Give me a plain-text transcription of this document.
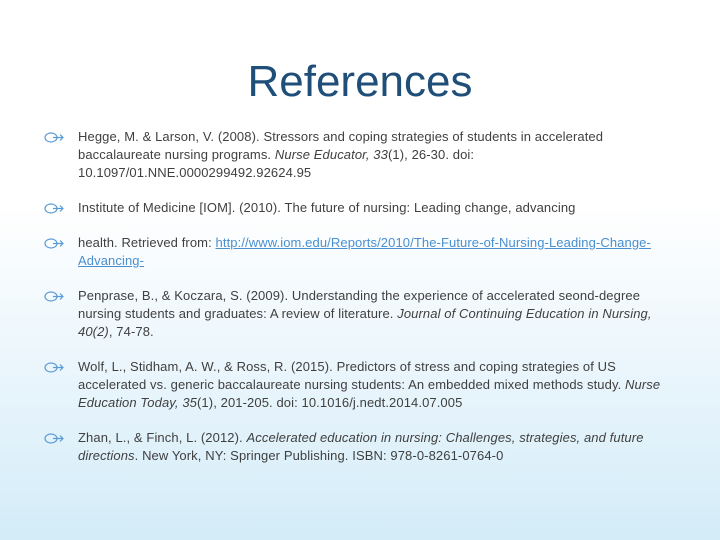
References
Hegge, M. & Larson, V. (2008). Stressors and coping strategies of students in accelerated baccalaureate nursing programs. Nurse Educator, 33(1), 26-30. doi: 10.1097/01.NNE.0000299492.92624.95
Institute of Medicine [IOM]. (2010). The future of nursing: Leading change, advancing
health. Retrieved from: http://www.iom.edu/Reports/2010/The-Future-of-Nursing-Leading-Change-Advancing-
Penprase, B., & Koczara, S. (2009). Understanding the experience of accelerated seond-degree nursing students and graduates: A review of literature. Journal of Continuing Education in Nursing, 40(2), 74-78.
Wolf, L., Stidham, A. W., & Ross, R. (2015). Predictors of stress and coping strategies of US accelerated vs. generic baccalaureate nursing students: An embedded mixed methods study. Nurse Education Today, 35(1), 201-205. doi: 10.1016/j.nedt.2014.07.005
Zhan, L., & Finch, L. (2012). Accelerated education in nursing: Challenges, strategies, and future directions. New York, NY: Springer Publishing. ISBN: 978-0-8261-0764-0
